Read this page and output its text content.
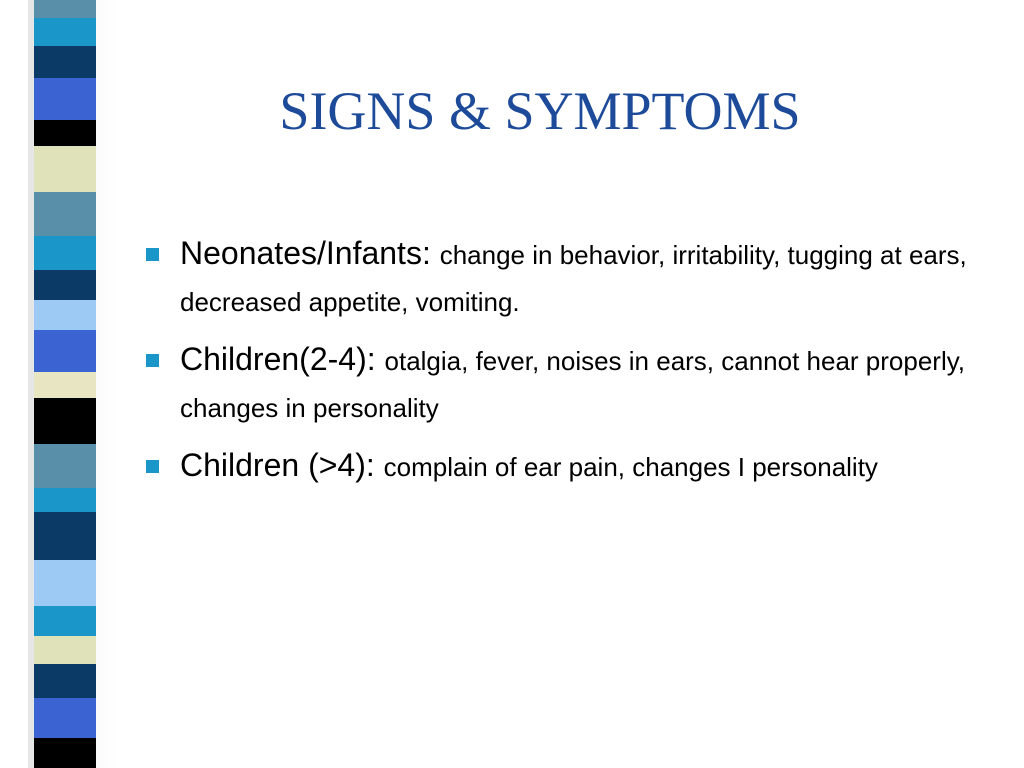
SIGNS & SYMPTOMS
Neonates/Infants: change in behavior, irritability, tugging at ears, decreased appetite, vomiting.
Children(2-4): otalgia, fever, noises in ears, cannot hear properly, changes in personality
Children (>4): complain of ear pain, changes I personality
